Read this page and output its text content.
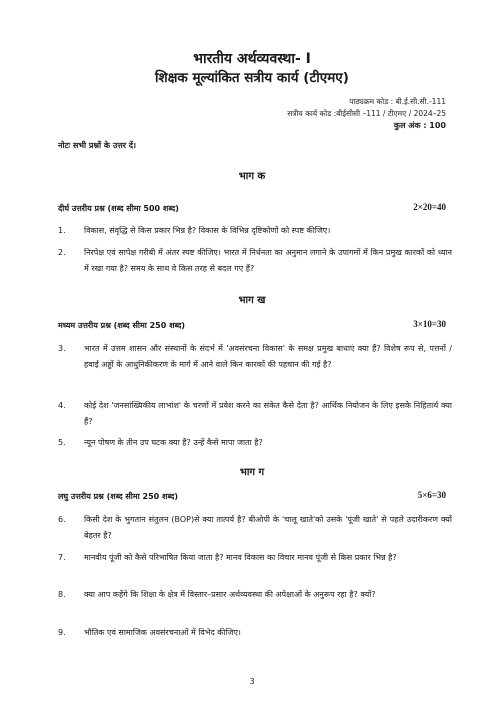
भारतीय अर्थव्यवस्था- I
शिक्षक मूल्यांकित सत्रीय कार्य (टीएमए)
पाठ्यक्रम कोड : बी.ई.सी.सी.-111
सत्रीय कार्य कोड :बीईसीसी –111 / टीएमए / 2024–25
कुल अंक : 100
नोटः सभी प्रश्नों के उत्तर दें।
भाग क
दीर्घ उत्तरीय प्रश्न (शब्द सीमा 500 शब्द)	2×20=40
1.	विकास, संवृद्धि से किस प्रकार भिन्न है? विकास के विभिन्न दृष्टिकोणों को स्पष्ट कीजिए।
2.	निरपेक्ष एवं सापेक्ष गरीबी में अंतर स्पष्ट कीजिए। भारत में निर्धनता का अनुमान लगाने के उपागमों में किन प्रमुख कारकों को ध्यान में रखा गया है? समय के साथ वे किस तरह से बदल गए हैं?
भाग ख
मध्यम उत्तरीय प्रश्न (शब्द सीमा 250 शब्द)	3×10=30
3.	भारत में उत्तम शासन और संस्थानों के संदर्भ में 'अवसंरचना विकास' के समक्ष प्रमुख बाधाएं क्या हैं? विशेष रूप से, पत्तनों / हवाई अड्डों के आधुनिकीकरण के मार्ग में आने वाले किन कारकों की पहचान की गई है?
4.	कोई देश 'जनसांख्यिकीय लाभांश' के चरणों में प्रवेश करने का संकेत कैसे देता है? आर्थिक नियोजन के लिए इसके निहितार्थ क्या हैं?
5.	न्यून पोषण के तीन उप घटक क्या हैं? उन्हें कैसे मापा जाता है?
भाग ग
लघु उत्तरीय प्रश्न (शब्द सीमा 250 शब्द)	5×6=30
6.	किसी देश के भुगतान संतुलन (BOP)से क्या तात्पर्य है? बीओपी के 'चालू खाते'को उसके 'पूंजी खाते' से पहले उदारीकरण क्यों बेहतर है?
7.	मानवीय पूंजी को कैसे परिभाषित किया जाता है? मानव विकास का विचार मानव पूंजी से किस प्रकार भिन्न है?
8.	क्या आप कहेंगे कि शिक्षा के क्षेत्र में विस्तार–प्रसार अर्थव्यवस्था की अपेक्षाओं के अनुरूप रहा है? क्यों?
9.	भौतिक एवं सामाजिक अवसंरचनाओं में विभेद कीजिए।
3
